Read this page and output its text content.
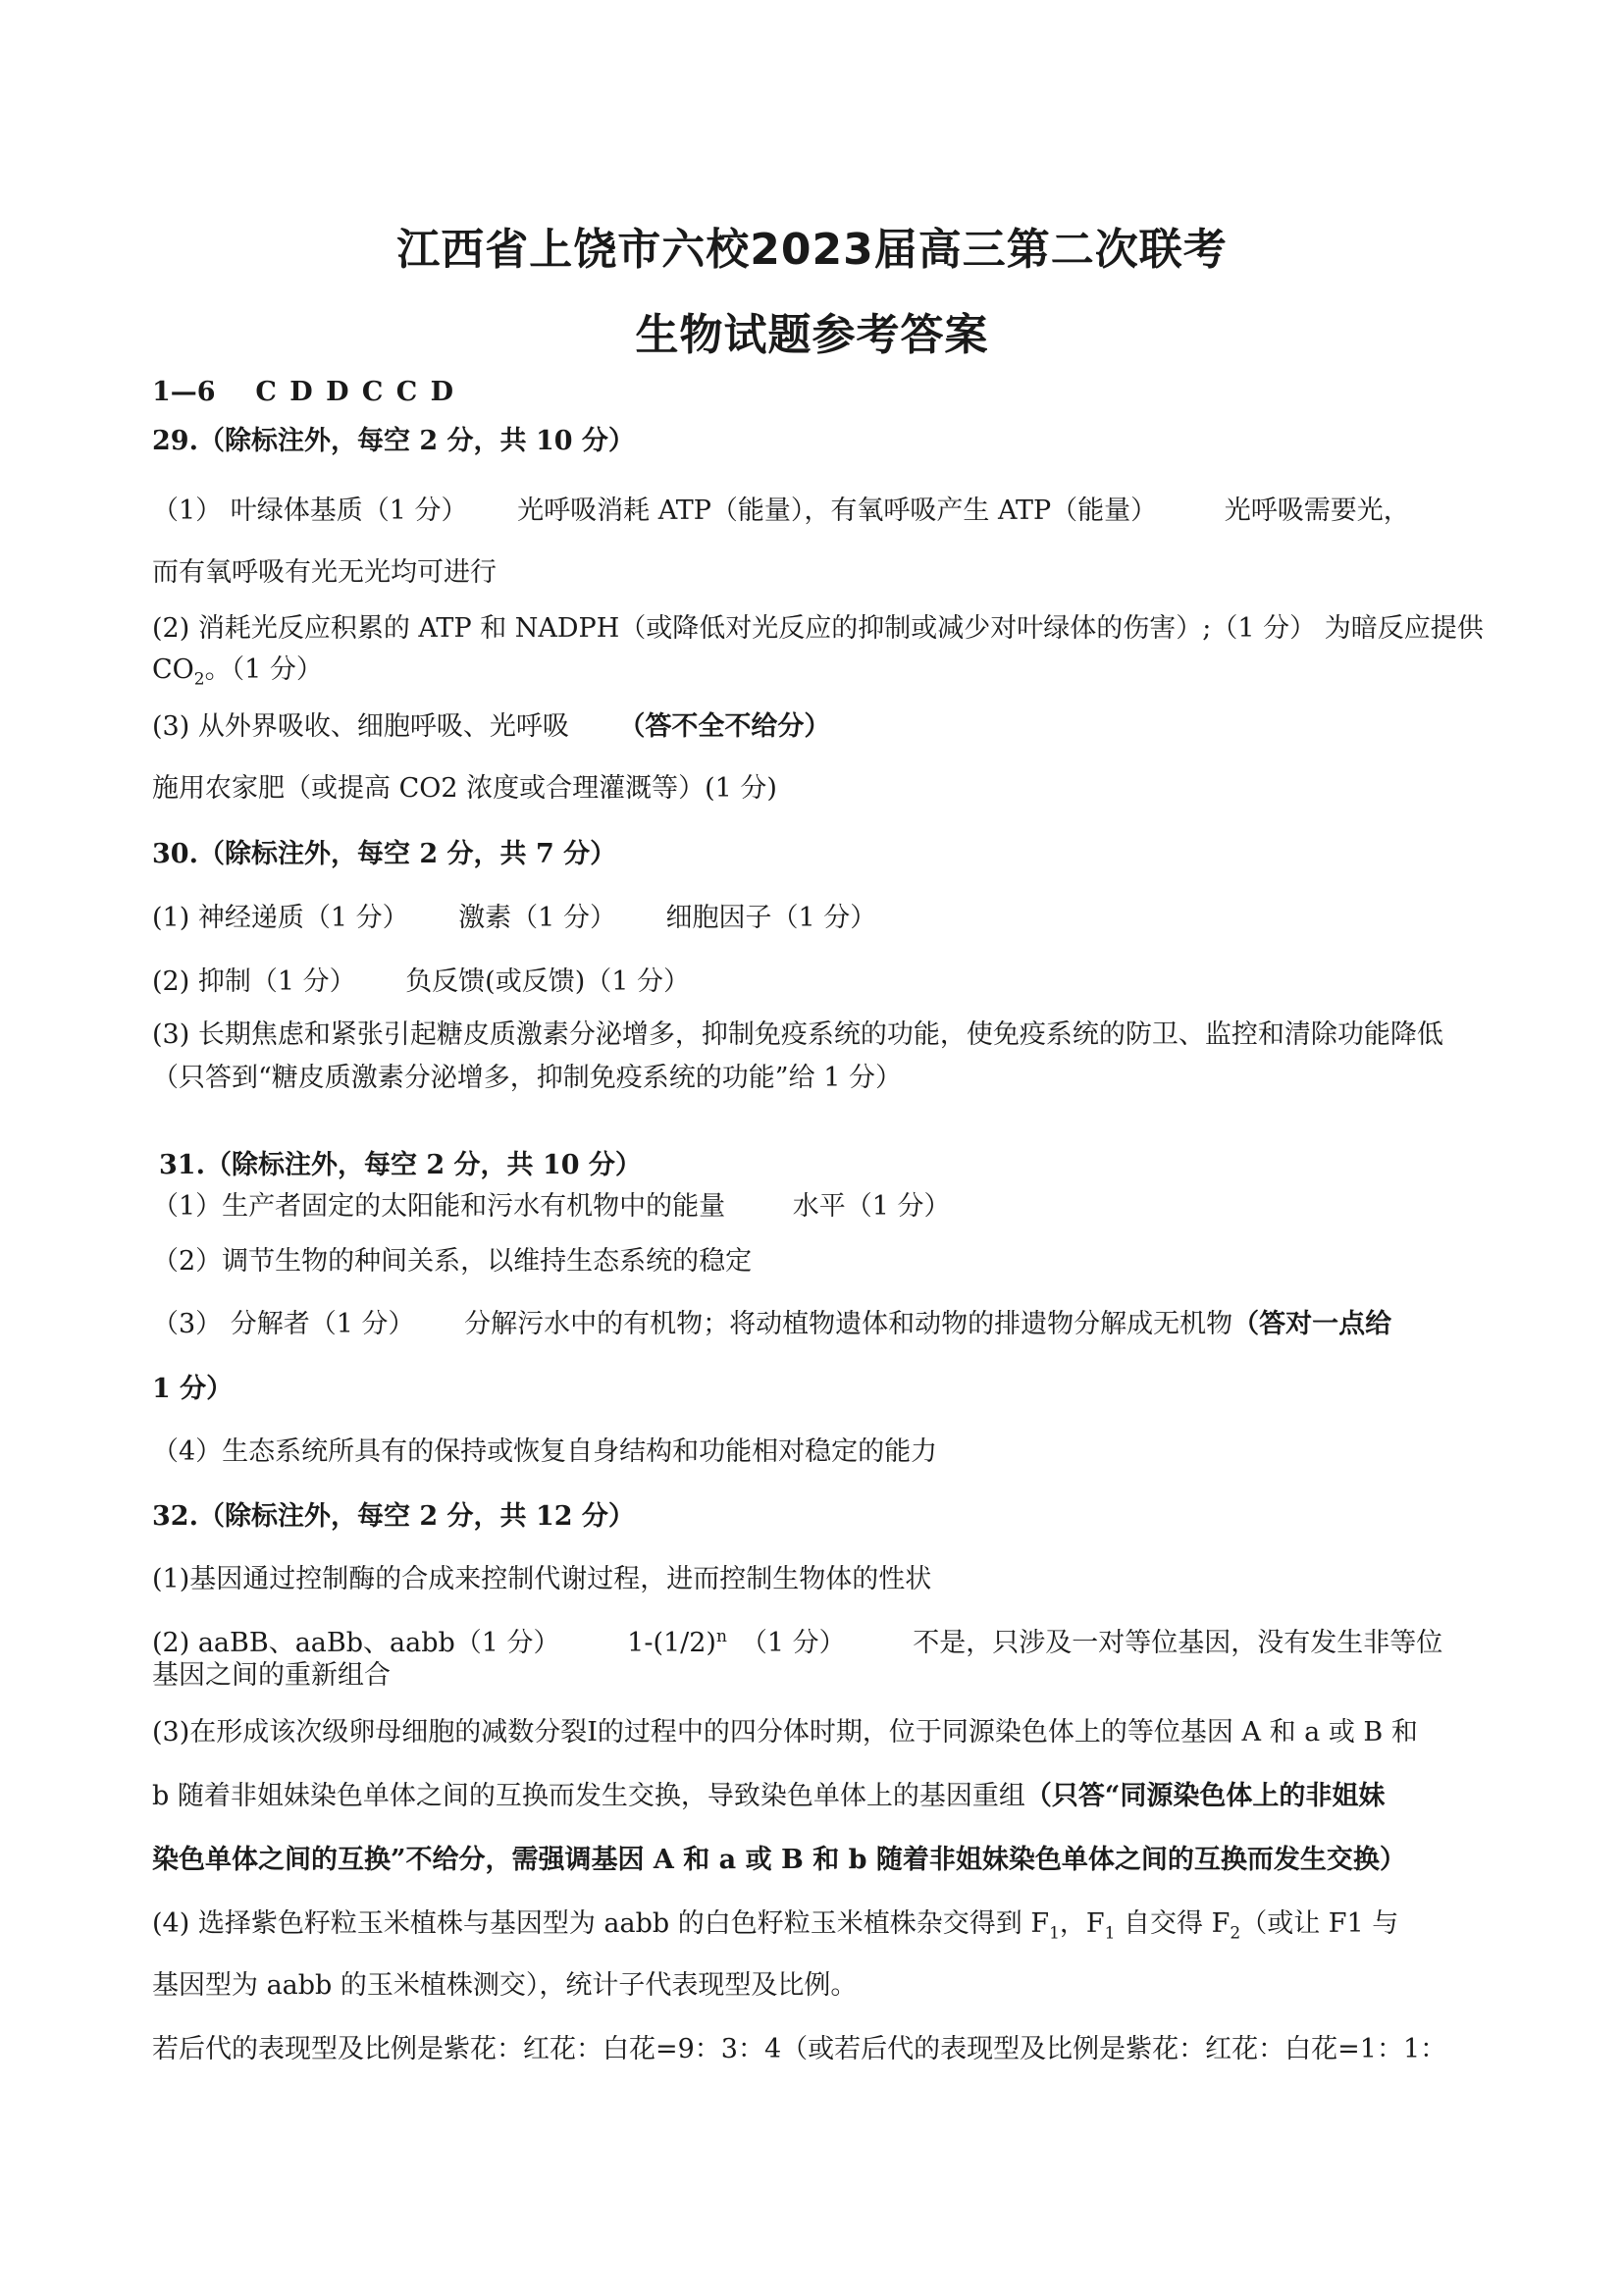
江西省上饶市六校2023届高三第二次联考
生物试题参考答案
1—6 C D D C C D
29.（除标注外，每空 2 分，共 10 分）
（1） 叶绿体基质（1 分） 光呼吸消耗 ATP（能量），有氧呼吸产生 ATP（能量）	光呼吸需要光，
而有氧呼吸有光无光均可进行
(2) 消耗光反应积累的 ATP 和 NADPH（或降低对光反应的抑制或减少对叶绿体的伤害）;（1 分） 为暗反应提供 $CO_2$。（1 分）
(3) 从外界吸收、细胞呼吸、光呼吸 （答不全不给分）
施用农家肥（或提高 CO2 浓度或合理灌溉等）(1 分)
30.（除标注外，每空 2 分，共 7 分）
(1) 神经递质（1 分） 激素（1 分） 细胞因子（1 分）
(2) 抑制（1 分） 负反馈(或反馈)（1 分）
(3) 长期焦虑和紧张引起糖皮质激素分泌增多，抑制免疫系统的功能，使免疫系统的防卫、监控和清除功能降低（只答到“糖皮质激素分泌增多，抑制免疫系统的功能”给 1 分）
31.（除标注外，每空 2 分，共 10 分）
（1）生产者固定的太阳能和污水有机物中的能量	水平（1 分）
（2）调节生物的种间关系，以维持生态系统的稳定
（3） 分解者（1 分） 分解污水中的有机物；将动植物遗体和动物的排遗物分解成无机物（答对一点给
1 分）
（4）生态系统所具有的保持或恢复自身结构和功能相对稳定的能力
32.（除标注外，每空 2 分，共 12 分）
(1)基因通过控制酶的合成来控制代谢过程，进而控制生物体的性状
(2) aaBB、aaBb、aabb（1 分）	$1-(1/2)^n$ （1 分）	不是，只涉及一对等位基因，没有发生非等位
基因之间的重新组合
(3)在形成该次级卵母细胞的减数分裂Ⅰ的过程中的四分体时期，位于同源染色体上的等位基因 A 和 a 或 B 和
b 随着非姐妹染色单体之间的互换而发生交换，导致染色单体上的基因重组（只答“同源染色体上的非姐妹
染色单体之间的互换”不给分，需强调基因 A 和 a 或 B 和 b 随着非姐妹染色单体之间的互换而发生交换）
(4) 选择紫色籽粒玉米植株与基因型为 aabb 的白色籽粒玉米植株杂交得到 $F_1$，$F_1$ 自交得 $F_2$（或让 F1 与
基因型为 aabb 的玉米植株测交），统计子代表现型及比例。
若后代的表现型及比例是紫花：红花：白花=9：3：4（或若后代的表现型及比例是紫花：红花：白花=1：1：
